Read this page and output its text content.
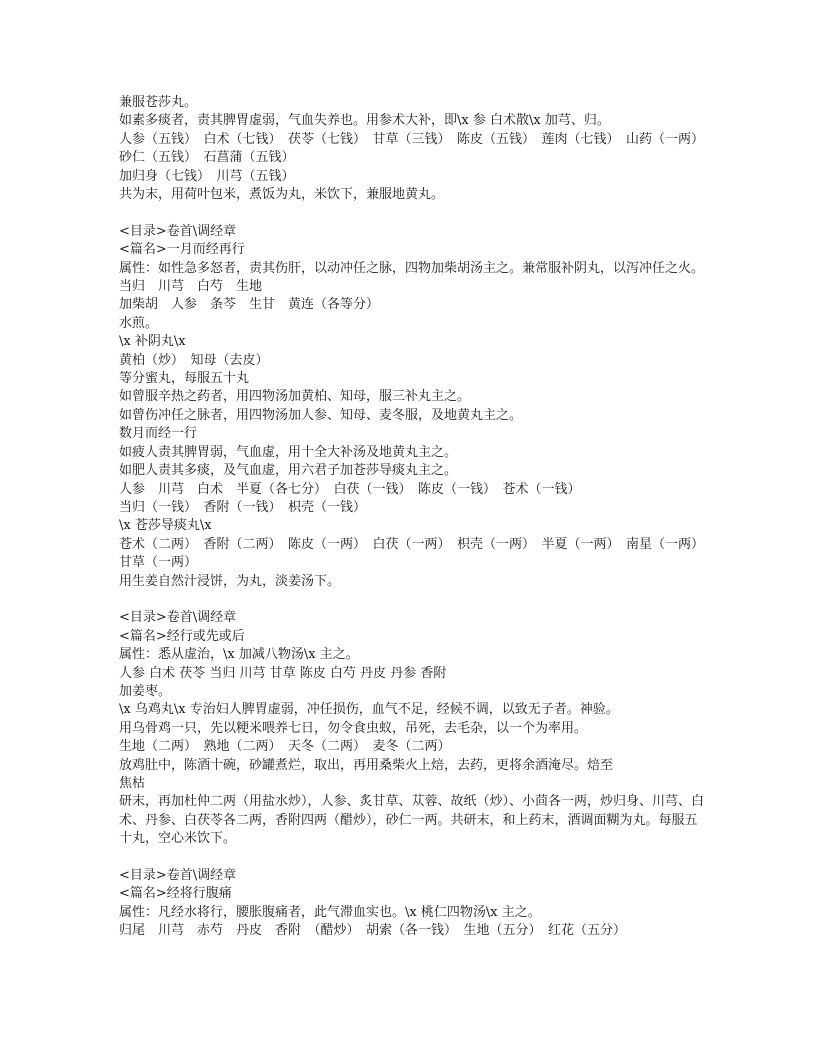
兼服苍莎丸。
如素多痰者，责其脾胃虚弱，气血失养也。用参术大补，即\x 参 白术散\x 加芎、归。
人参（五钱）　白术（七钱）　茯苓（七钱）　甘草（三钱）　陈皮（五钱）　莲肉（七钱）　山药（一两）　砂仁（五钱）　石菖蒲（五钱）
加归身（七钱）　川芎（五钱）
共为末，用荷叶包米，煮饭为丸，米饮下，兼服地黄丸。
<目录>卷首\调经章
<篇名>一月而经再行
属性：如性急多怒者，责其伤肝，以动冲任之脉，四物加柴胡汤主之。兼常服补阴丸，以泻冲任之火。
当归　川芎　白芍　生地
加柴胡　人参　条芩　生甘　黄连（各等分）
水煎。
\x 补阴丸\x
黄柏（炒）　知母（去皮）
等分蜜丸，每服五十丸
如曾服辛热之药者，用四物汤加黄柏、知母，服三补丸主之。
如曾伤冲任之脉者，用四物汤加人参、知母、麦冬服，及地黄丸主之。
数月而经一行
如疲人责其脾胃弱，气血虚，用十全大补汤及地黄丸主之。
如肥人责其多痰，及气血虚，用六君子加苍莎导痰丸主之。
人参　川芎　白术　半夏（各七分）　白茯（一钱）　陈皮（一钱）　苍术（一钱）
当归（一钱）　香附（一钱）　枳壳（一钱）
\x 苍莎导痰丸\x
苍术（二两）　香附（二两）　陈皮（一两）　白茯（一两）　枳壳（一两）　半夏（一两）　南星（一两）　甘草（一两）
用生姜自然汁浸饼，为丸，淡姜汤下。
<目录>卷首\调经章
<篇名>经行或先或后
属性：悉从虚治，\x 加减八物汤\x 主之。
人参 白术 茯苓 当归 川芎 甘草 陈皮 白芍 丹皮 丹参 香附
加姜枣。
\x 乌鸡丸\x 专治妇人脾胃虚弱，冲任损伤，血气不足，经候不调，以致无子者。神验。
用乌骨鸡一只，先以粳米喂养七日，勿令食虫蚁，吊死，去毛杂，以一个为率用。
生地（二两）　熟地（二两）　天冬（二两）　麦冬（二两）
放鸡肚中，陈酒十碗，砂罐煮烂，取出，再用桑柴火上焙，去药，更将余酒淹尽。焙至
焦枯
研末，再加杜仲二两（用盐水炒），人参、炙甘草、苁蓉、故纸（炒）、小茴各一两，炒归身、川芎、白术、丹参、白茯苓各二两，香附四两（醋炒），砂仁一两。共研末，和上药末，酒调面糊为丸。每服五十丸，空心米饮下。
<目录>卷首\调经章
<篇名>经将行腹痛
属性：凡经水将行，腰胀腹痛者，此气滞血实也。\x 桃仁四物汤\x 主之。
归尾　川芎　赤芍　丹皮　香附　（醋炒）　胡索（各一钱）　生地（五分）　红花（五分）
